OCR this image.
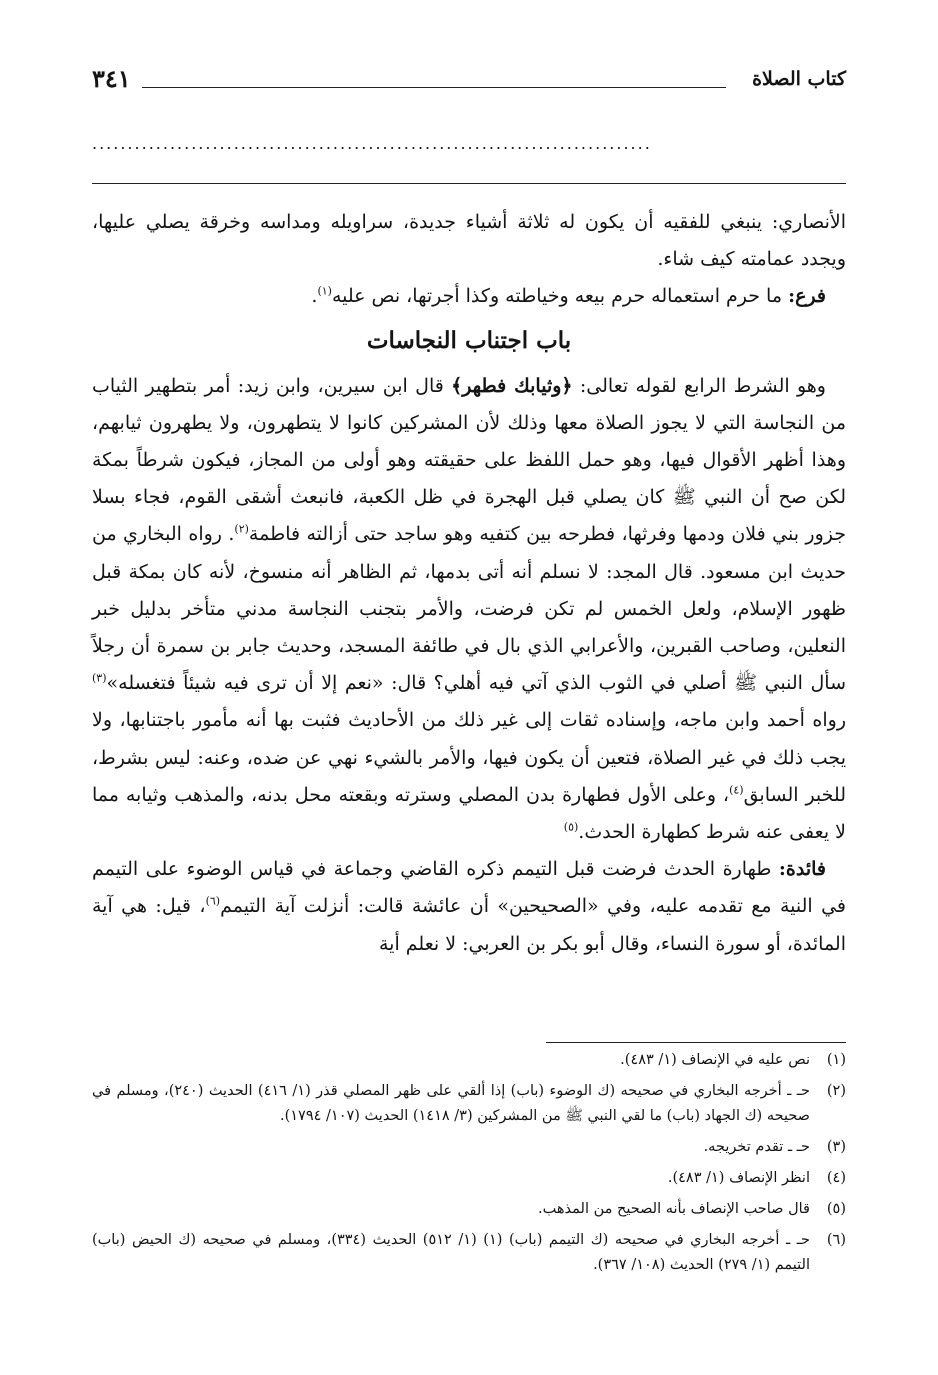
٣٤١	كتاب الصلاة
...............................................................................

الأنصاري: ينبغي للفقيه أن يكون له ثلاثة أشياء جديدة، سراويله ومداسه وخرقة يصلي عليها، ويجدد عمامته كيف شاء.

فرع: ما حرم استعماله حرم بيعه وخياطته وكذا أجرتها، نص عليه$^{(١)}$.

باب اجتناب النجاسات

وهو الشرط الرابع لقوله تعالى: ﴿وثيابك فطهر﴾ قال ابن سيرين، وابن زيد: أمر بتطهير الثياب من النجاسة التي لا يجوز الصلاة معها وذلك لأن المشركين كانوا لا يتطهرون، ولا يطهرون ثيابهم، وهذا أظهر الأقوال فيها، وهو حمل اللفظ على حقيقته وهو أولى من المجاز، فيكون شرطاً بمكة لكن صح أن النبي ﷺ كان يصلي قبل الهجرة في ظل الكعبة، فانبعث أشقى القوم، فجاء بسلا جزور بني فلان ودمها وفرثها، فطرحه بين كتفيه وهو ساجد حتى أزالته فاطمة$^{(٢)}$. رواه البخاري من حديث ابن مسعود. قال المجد: لا نسلم أنه أتى بدمها، ثم الظاهر أنه منسوخ، لأنه كان بمكة قبل ظهور الإسلام، ولعل الخمس لم تكن فرضت، والأمر بتجنب النجاسة مدني متأخر بدليل خبر النعلين، وصاحب القبرين، والأعرابي الذي بال في طائفة المسجد، وحديث جابر بن سمرة أن رجلاً سأل النبي ﷺ أصلي في الثوب الذي آتي فيه أهلي؟ قال: «نعم إلا أن ترى فيه شيئاً فتغسله»$^{(٣)}$ رواه أحمد وابن ماجه، وإسناده ثقات إلى غير ذلك من الأحاديث فثبت بها أنه مأمور باجتنابها، ولا يجب ذلك في غير الصلاة، فتعين أن يكون فيها، والأمر بالشيء نهي عن ضده، وعنه: ليس بشرط، للخبر السابق$^{(٤)}$، وعلى الأول فطهارة بدن المصلي وسترته وبقعته محل بدنه، والمذهب وثيابه مما لا يعفى عنه شرط كطهارة الحدث.$^{(٥)}$

فائدة: طهارة الحدث فرضت قبل التيمم ذكره القاضي وجماعة في قياس الوضوء على التيمم في النية مع تقدمه عليه، وفي «الصحيحين» أن عائشة قالت: أنزلت آية التيمم$^{(٦)}$، قيل: هي آية المائدة، أو سورة النساء، وقال أبو بكر بن العربي: لا نعلم أية

(١)
نص عليه في الإنصاف (١/ ٤٨٣).
(٢)
حـ ـ أخرجه البخاري في صحيحه (ك الوضوء (باب) إذا ألقي على ظهر المصلي قذر (١/ ٤١٦) الحديث (٢٤٠)، ومسلم في صحيحه (ك الجهاد (باب) ما لقي النبي ﷺ من المشركين (٣/ ١٤١٨) الحديث (١٠٧/ ١٧٩٤).
(٣)
حـ ـ تقدم تخريجه.
(٤)
انظر الإنصاف (١/ ٤٨٣).
(٥)
قال صاحب الإنصاف بأنه الصحيح من المذهب.
(٦)
حـ ـ أخرجه البخاري في صحيحه (ك التيمم (باب) (١) (١/ ٥١٢) الحديث (٣٣٤)، ومسلم في صحيحه (ك الحيض (باب) التيمم (١/ ٢٧٩) الحديث (١٠٨/ ٣٦٧).
